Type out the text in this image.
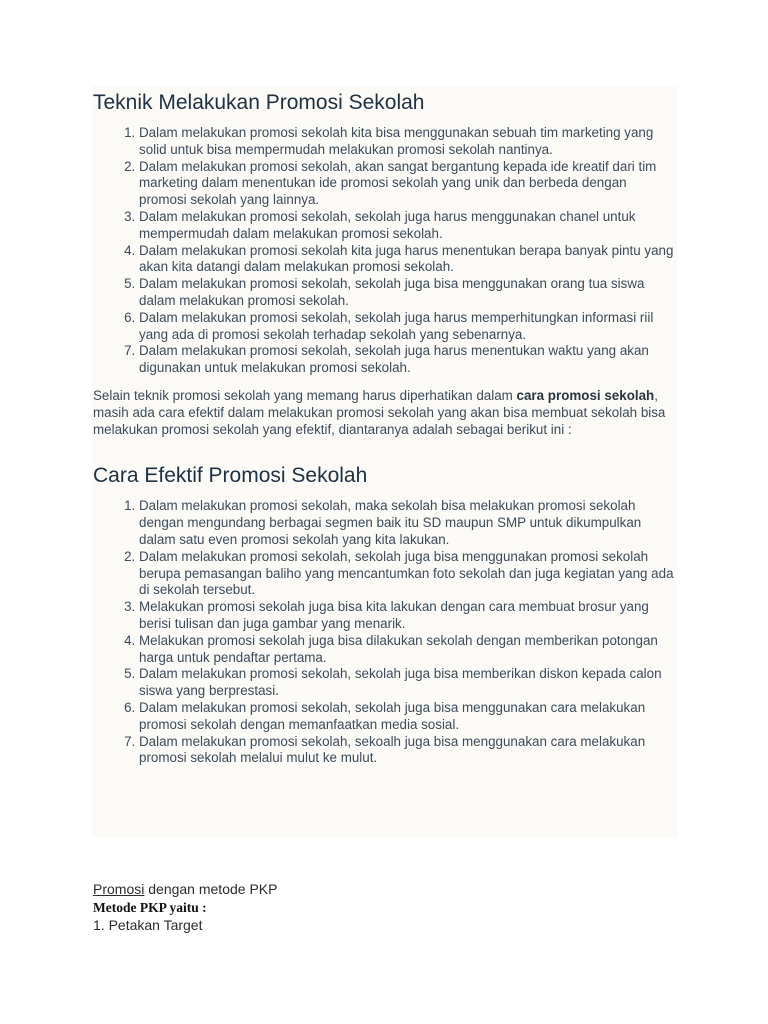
Teknik Melakukan Promosi Sekolah
1. Dalam melakukan promosi sekolah kita bisa menggunakan sebuah tim marketing yang solid untuk bisa mempermudah melakukan promosi sekolah nantinya.
2. Dalam melakukan promosi sekolah, akan sangat bergantung kepada ide kreatif dari tim marketing dalam menentukan ide promosi sekolah yang unik dan berbeda dengan promosi sekolah yang lainnya.
3. Dalam melakukan promosi sekolah, sekolah juga harus menggunakan chanel untuk mempermudah dalam melakukan promosi sekolah.
4. Dalam melakukan promosi sekolah kita juga harus menentukan berapa banyak pintu yang akan kita datangi dalam melakukan promosi sekolah.
5. Dalam melakukan promosi sekolah, sekolah juga bisa menggunakan orang tua siswa dalam melakukan promosi sekolah.
6. Dalam melakukan promosi sekolah, sekolah juga harus memperhitungkan informasi riil yang ada di promosi sekolah terhadap sekolah yang sebenarnya.
7. Dalam melakukan promosi sekolah, sekolah juga harus menentukan waktu yang akan digunakan untuk melakukan promosi sekolah.

Selain teknik promosi sekolah yang memang harus diperhatikan dalam cara promosi sekolah, masih ada cara efektif dalam melakukan promosi sekolah yang akan bisa membuat sekolah bisa melakukan promosi sekolah yang efektif, diantaranya adalah sebagai berikut ini :

Cara Efektif Promosi Sekolah
1. Dalam melakukan promosi sekolah, maka sekolah bisa melakukan promosi sekolah dengan mengundang berbagai segmen baik itu SD maupun SMP untuk dikumpulkan dalam satu even promosi sekolah yang kita lakukan.
2. Dalam melakukan promosi sekolah, sekolah juga bisa menggunakan promosi sekolah berupa pemasangan baliho yang mencantumkan foto sekolah dan juga kegiatan yang ada di sekolah tersebut.
3. Melakukan promosi sekolah juga bisa kita lakukan dengan cara membuat brosur yang berisi tulisan dan juga gambar yang menarik.
4. Melakukan promosi sekolah juga bisa dilakukan sekolah dengan memberikan potongan harga untuk pendaftar pertama.
5. Dalam melakukan promosi sekolah, sekolah juga bisa memberikan diskon kepada calon siswa yang berprestasi.
6. Dalam melakukan promosi sekolah, sekolah juga bisa menggunakan cara melakukan promosi sekolah dengan memanfaatkan media sosial.
7. Dalam melakukan promosi sekolah, sekoalh juga bisa menggunakan cara melakukan promosi sekolah melalui mulut ke mulut.
Promosi dengan metode PKP
Metode PKP yaitu :
1. Petakan Target
